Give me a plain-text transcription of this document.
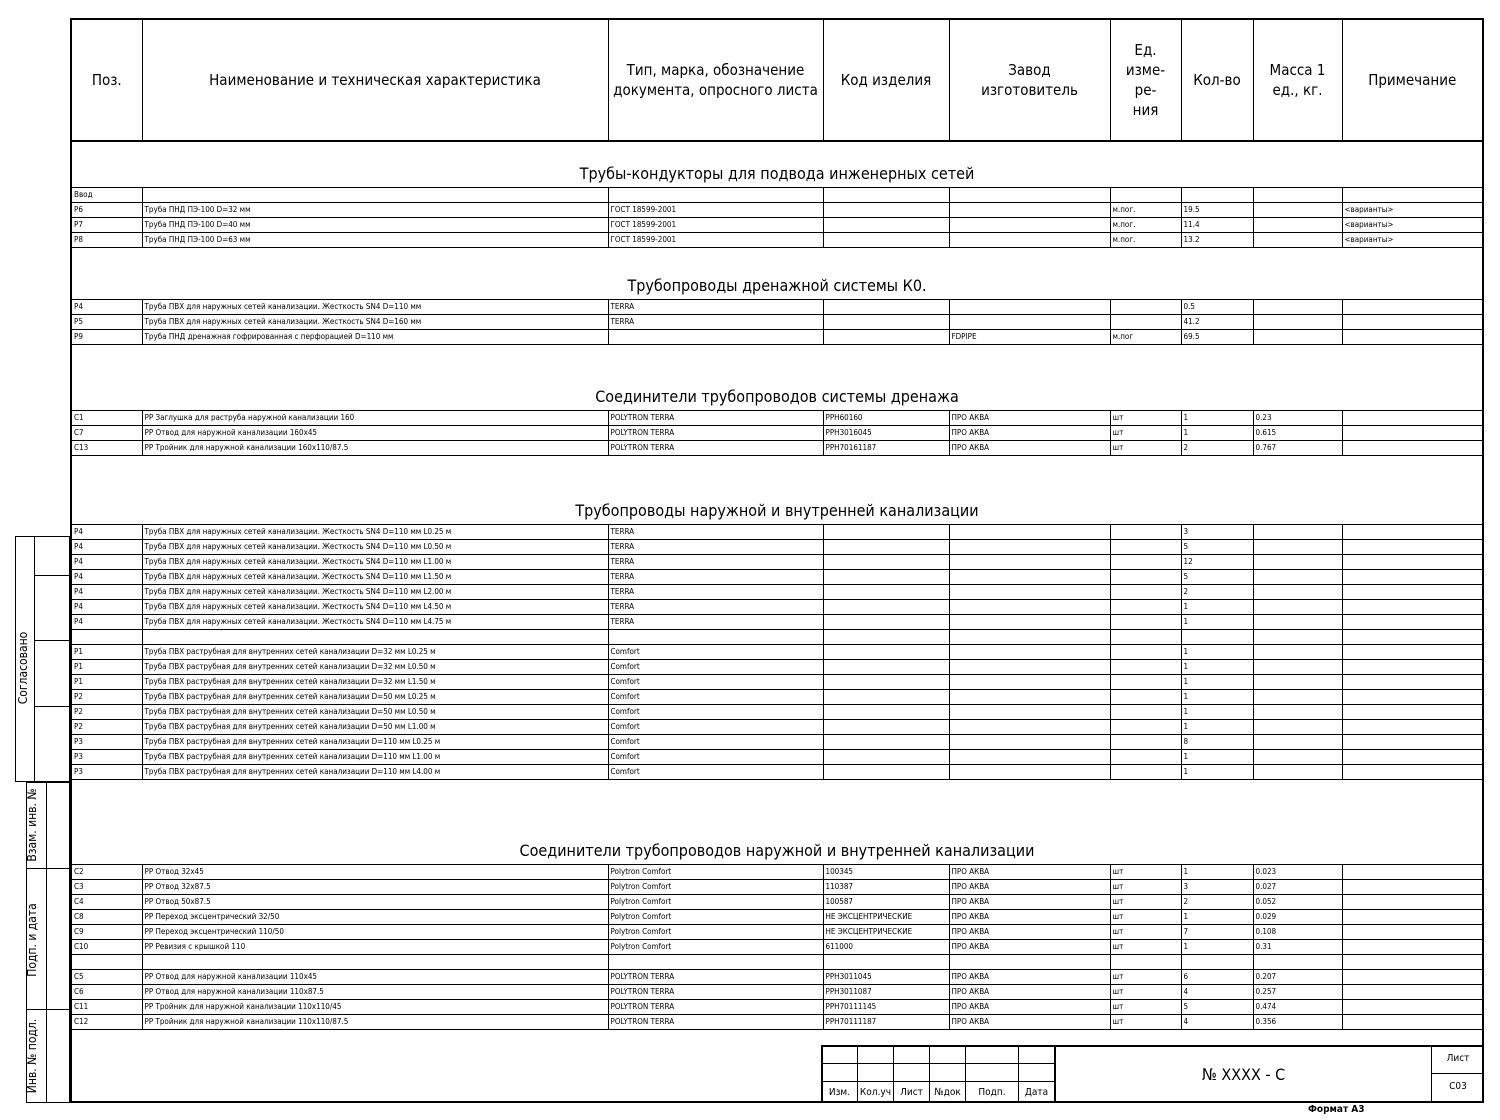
Согласовано
Взам. инв. №
Подп. и дата
Инв. № подл.
Поз.	Наименование и техническая характеристика	Тип, марка, обозначение документа, опросного листа	Код изделия	Завод изготовитель	Ед. изме- ре- ния	Кол-во	Масса 1 ед., кг.	Примечание
Трубы-кондукторы для подвода инженерных сетей								
Ввод								
Р6	Труба ПНД ПЭ-100 D=32 мм	ГОСТ 18599-2001			м.пог.	19.5		<варианты>
Р7	Труба ПНД ПЭ-100 D=40 мм	ГОСТ 18599-2001			м.пог.	11.4		<варианты>
Р8	Труба ПНД ПЭ-100 D=63 мм	ГОСТ 18599-2001			м.пог.	13.2		<варианты>
Трубопроводы дренажной системы К0.								
Р4	Труба ПВХ для наружных сетей канализации. Жесткость SN4 D=110 мм	TERRA				0.5		
Р5	Труба ПВХ для наружных сетей канализации. Жесткость SN4 D=160 мм	TERRA				41.2		
Р9	Труба ПНД дренажная гофрированная с перфорацией D=110 мм			FDPIPE	м.пог	69.5		
Соединители трубопроводов системы дренажа								
С1	PP Заглушка для раструба наружной канализации 160	POLYTRON TERRA	PPH60160	ПРО АКВА	шт	1	0.23	
С7	PP Отвод для наружной канализации 160х45	POLYTRON TERRA	PPH3016045	ПРО АКВА	шт	1	0.615	
С13	PP Тройник для наружной канализации 160х110/87.5	POLYTRON TERRA	PPH70161187	ПРО АКВА	шт	2	0.767	
Трубопроводы наружной и внутренней канализации								
Р4	Труба ПВХ для наружных сетей канализации. Жесткость SN4 D=110 мм L0.25 м	TERRA				3		
Р4	Труба ПВХ для наружных сетей канализации. Жесткость SN4 D=110 мм L0.50 м	TERRA				5		
Р4	Труба ПВХ для наружных сетей канализации. Жесткость SN4 D=110 мм L1.00 м	TERRA				12		
Р4	Труба ПВХ для наружных сетей канализации. Жесткость SN4 D=110 мм L1.50 м	TERRA				5		
Р4	Труба ПВХ для наружных сетей канализации. Жесткость SN4 D=110 мм L2.00 м	TERRA				2		
Р4	Труба ПВХ для наружных сетей канализации. Жесткость SN4 D=110 мм L4.50 м	TERRA				1		
Р4	Труба ПВХ для наружных сетей канализации. Жесткость SN4 D=110 мм L4.75 м	TERRA				1		

Р1	Труба ПВХ раструбная для внутренних сетей канализации D=32 мм L0.25 м	Comfort				1		
Р1	Труба ПВХ раструбная для внутренних сетей канализации D=32 мм L0.50 м	Comfort				1		
Р1	Труба ПВХ раструбная для внутренних сетей канализации D=32 мм L1.50 м	Comfort				1		
Р2	Труба ПВХ раструбная для внутренних сетей канализации D=50 мм L0.25 м	Comfort				1		
Р2	Труба ПВХ раструбная для внутренних сетей канализации D=50 мм L0.50 м	Comfort				1		
Р2	Труба ПВХ раструбная для внутренних сетей канализации D=50 мм L1.00 м	Comfort				1		
Р3	Труба ПВХ раструбная для внутренних сетей канализации D=110 мм L0.25 м	Comfort				8		
Р3	Труба ПВХ раструбная для внутренних сетей канализации D=110 мм L1.00 м	Comfort				1		
Р3	Труба ПВХ раструбная для внутренних сетей канализации D=110 мм L4.00 м	Comfort				1		
Соединители трубопроводов наружной и внутренней канализации								
С2	PP Отвод 32х45	Polytron Comfort	100345	ПРО АКВА	шт	1	0.023	
С3	PP Отвод 32х87.5	Polytron Comfort	110387	ПРО АКВА	шт	3	0.027	
С4	PP Отвод 50х87.5	Polytron Comfort	100587	ПРО АКВА	шт	2	0.052	
С8	PP Переход эксцентрический 32/50	Polytron Comfort	НЕ ЭКСЦЕНТРИЧЕСКИЕ	ПРО АКВА	шт	1	0.029	
С9	PP Переход эксцентрический 110/50	Polytron Comfort	НЕ ЭКСЦЕНТРИЧЕСКИЕ	ПРО АКВА	шт	7	0.108	
С10	PP Ревизия с крышкой 110	Polytron Comfort	611000	ПРО АКВА	шт	1	0.31	

С5	PP Отвод для наружной канализации 110х45	POLYTRON TERRA	PPH3011045	ПРО АКВА	шт	6	0.207	
С6	PP Отвод для наружной канализации 110х87.5	POLYTRON TERRA	PPH3011087	ПРО АКВА	шт	4	0.257	
С11	PP Тройник для наружной канализации 110х110/45	POLYTRON TERRA	PPH70111145	ПРО АКВА	шт	5	0.474	
С12	PP Тройник для наружной канализации 110х110/87.5	POLYTRON TERRA	PPH70111187	ПРО АКВА	шт	4	0.356	
Изм. Кол.уч Лист	№док	Подп.	Дата
№ XXXX - С
Лист
С03
Формат А3
